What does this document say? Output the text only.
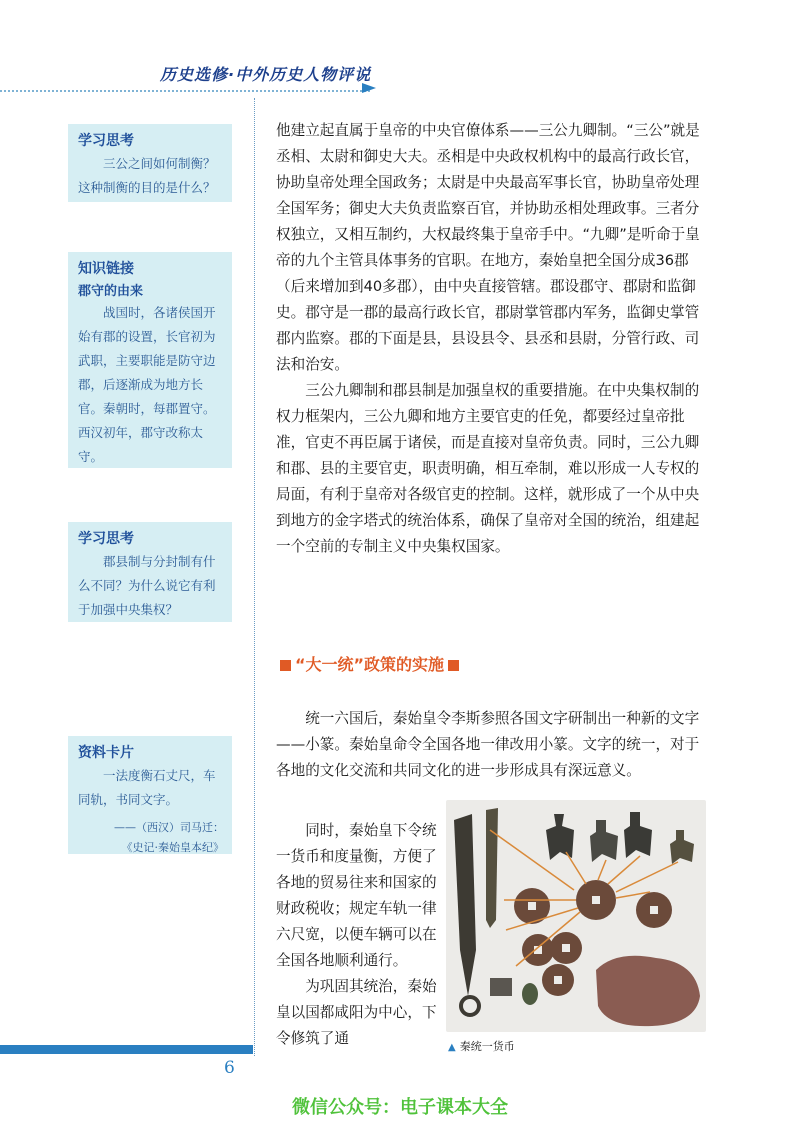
历史选修·中外历史人物评说
学习思考
三公之间如何制衡？这种制衡的目的是什么？
知识链接
郡守的由来
战国时，各诸侯国开始有郡的设置，长官初为武职，主要职能是防守边郡，后逐渐成为地方长官。秦朝时，每郡置守。西汉初年，郡守改称太守。
学习思考
郡县制与分封制有什么不同？为什么说它有利于加强中央集权？
资料卡片
一法度衡石丈尺，车同轨，书同文字。
——（西汉）司马迁：
《史记·秦始皇本纪》

他建立起直属于皇帝的中央官僚体系——三公九卿制。“三公”就是丞相、太尉和御史大夫。丞相是中央政权机构中的最高行政长官，协助皇帝处理全国政务；太尉是中央最高军事长官，协助皇帝处理全国军务；御史大夫负责监察百官，并协助丞相处理政事。三者分权独立，又相互制约，大权最终集于皇帝手中。“九卿”是听命于皇帝的九个主管具体事务的官职。在地方，秦始皇把全国分成36郡（后来增加到40多郡），由中央直接管辖。郡设郡守、郡尉和监御史。郡守是一郡的最高行政长官，郡尉掌管郡内军务，监御史掌管郡内监察。郡的下面是县，县设县令、县丞和县尉，分管行政、司法和治安。

三公九卿制和郡县制是加强皇权的重要措施。在中央集权制的权力框架内，三公九卿和地方主要官吏的任免，都要经过皇帝批准，官吏不再臣属于诸侯，而是直接对皇帝负责。同时，三公九卿和郡、县的主要官吏，职责明确，相互牵制，难以形成一人专权的局面，有利于皇帝对各级官吏的控制。这样，就形成了一个从中央到地方的金字塔式的统治体系，确保了皇帝对全国的统治，组建起一个空前的专制主义中央集权国家。

“大一统”政策的实施

统一六国后，秦始皇令李斯参照各国文字研制出一种新的文字——小篆。秦始皇命令全国各地一律改用小篆。文字的统一，对于各地的文化交流和共同文化的进一步形成具有深远意义。

同时，秦始皇下令统一货币和度量衡，方便了各地的贸易往来和国家的财政税收；规定车轨一律六尺宽，以便车辆可以在全国各地顺利通行。

为巩固其统治，秦始皇以国都咸阳为中心，下令修筑了通

▲ 秦统一货币
6
微信公众号：电子课本大全
